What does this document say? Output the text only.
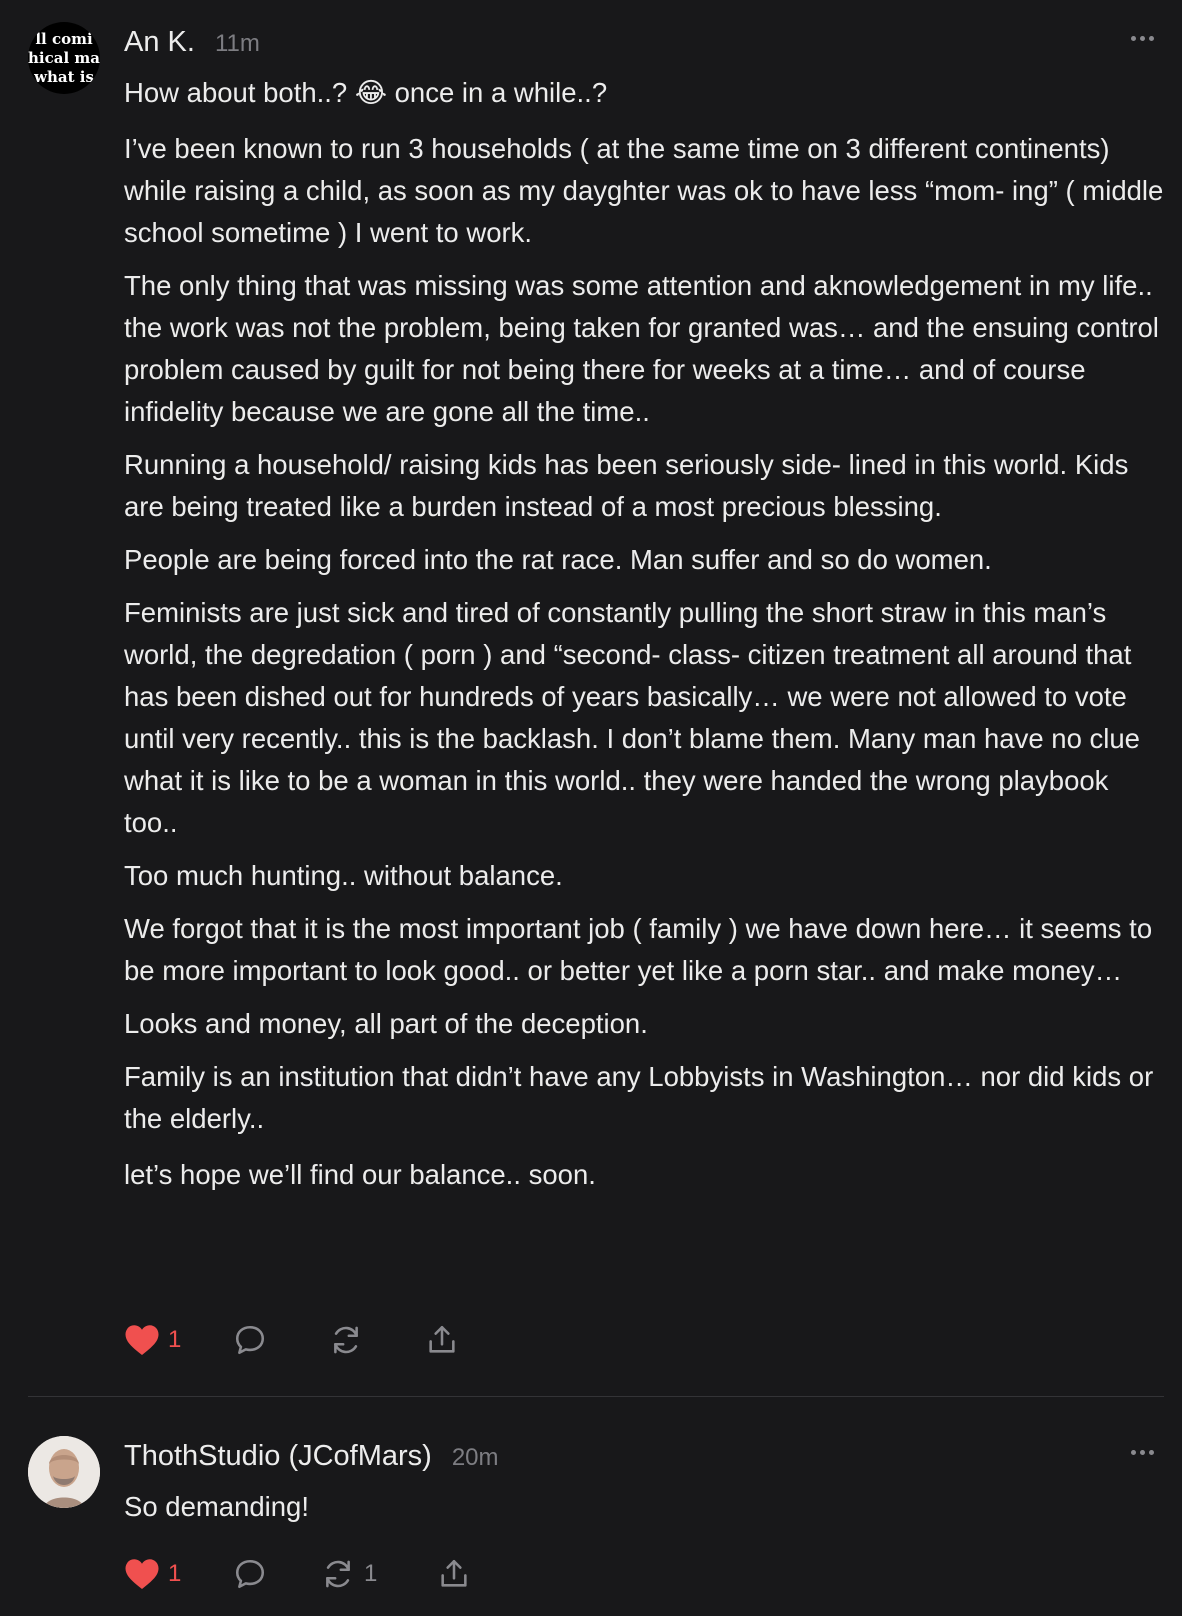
ll comi
hical ma
what is
An K. 11m

How about both..? 😂 once in a while..?

I’ve been known to run 3 households ( at the same time on 3 different continents) while raising a child, as soon as my dayghter was ok to have less “mom- ing” ( middle school sometime ) I went to work.

The only thing that was missing was some attention and aknowledgement in my life.. the work was not the problem, being taken for granted was… and the ensuing control problem caused by guilt for not being there for weeks at a time… and of course infidelity because we are gone all the time..

Running a household/ raising kids has been seriously side- lined in this world. Kids are being treated like a burden instead of a most precious blessing.

People are being forced into the rat race. Man suffer and so do women.

Feminists are just sick and tired of constantly pulling the short straw in this man’s world, the degredation ( porn ) and “second- class- citizen treatment all around that has been dished out for hundreds of years basically… we were not allowed to vote until very recently.. this is the backlash. I don’t blame them. Many man have no clue what it is like to be a woman in this world.. they were handed the wrong playbook too..

Too much hunting.. without balance.

We forgot that it is the most important job ( family ) we have down here… it seems to be more important to look good.. or better yet like a porn star.. and make money…

Looks and money, all part of the deception.

Family is an institution that didn’t have any Lobbyists in Washington… nor did kids or the elderly..

let’s hope we’ll find our balance.. soon.

1
ThothStudio (JCofMars) 20m

So demanding!

1	1
